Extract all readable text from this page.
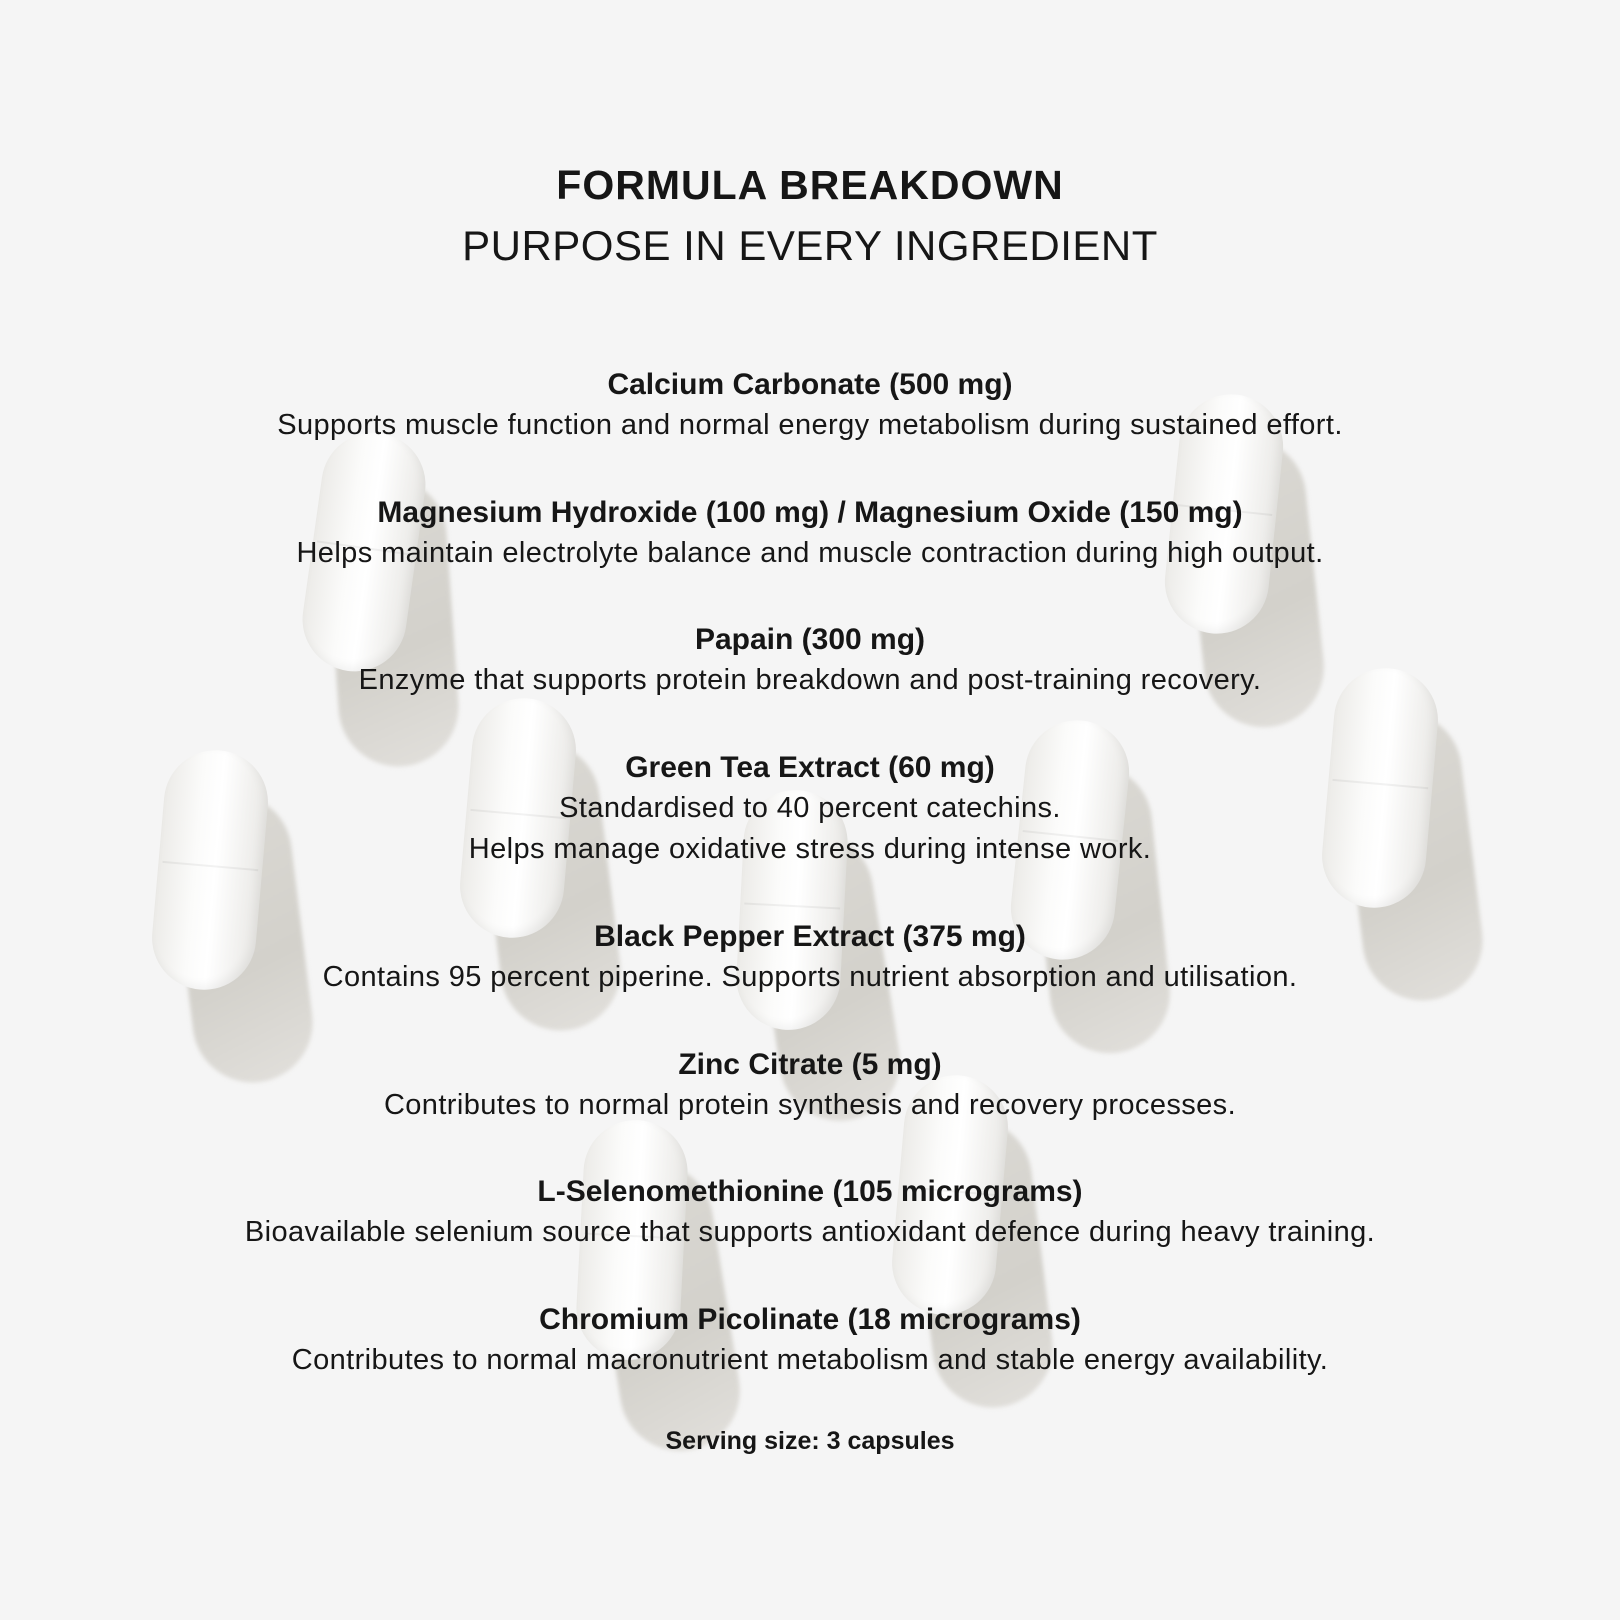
FORMULA BREAKDOWN
PURPOSE IN EVERY INGREDIENT
Calcium Carbonate (500 mg)
Supports muscle function and normal energy metabolism during sustained effort.
Magnesium Hydroxide (100 mg) / Magnesium Oxide (150 mg)
Helps maintain electrolyte balance and muscle contraction during high output.
Papain (300 mg)
Enzyme that supports protein breakdown and post-training recovery.
Green Tea Extract (60 mg)
Standardised to 40 percent catechins.
Helps manage oxidative stress during intense work.
Black Pepper Extract (375 mg)
Contains 95 percent piperine. Supports nutrient absorption and utilisation.
Zinc Citrate (5 mg)
Contributes to normal protein synthesis and recovery processes.
L-Selenomethionine (105 micrograms)
Bioavailable selenium source that supports antioxidant defence during heavy training.
Chromium Picolinate (18 micrograms)
Contributes to normal macronutrient metabolism and stable energy availability.
Serving size: 3 capsules
